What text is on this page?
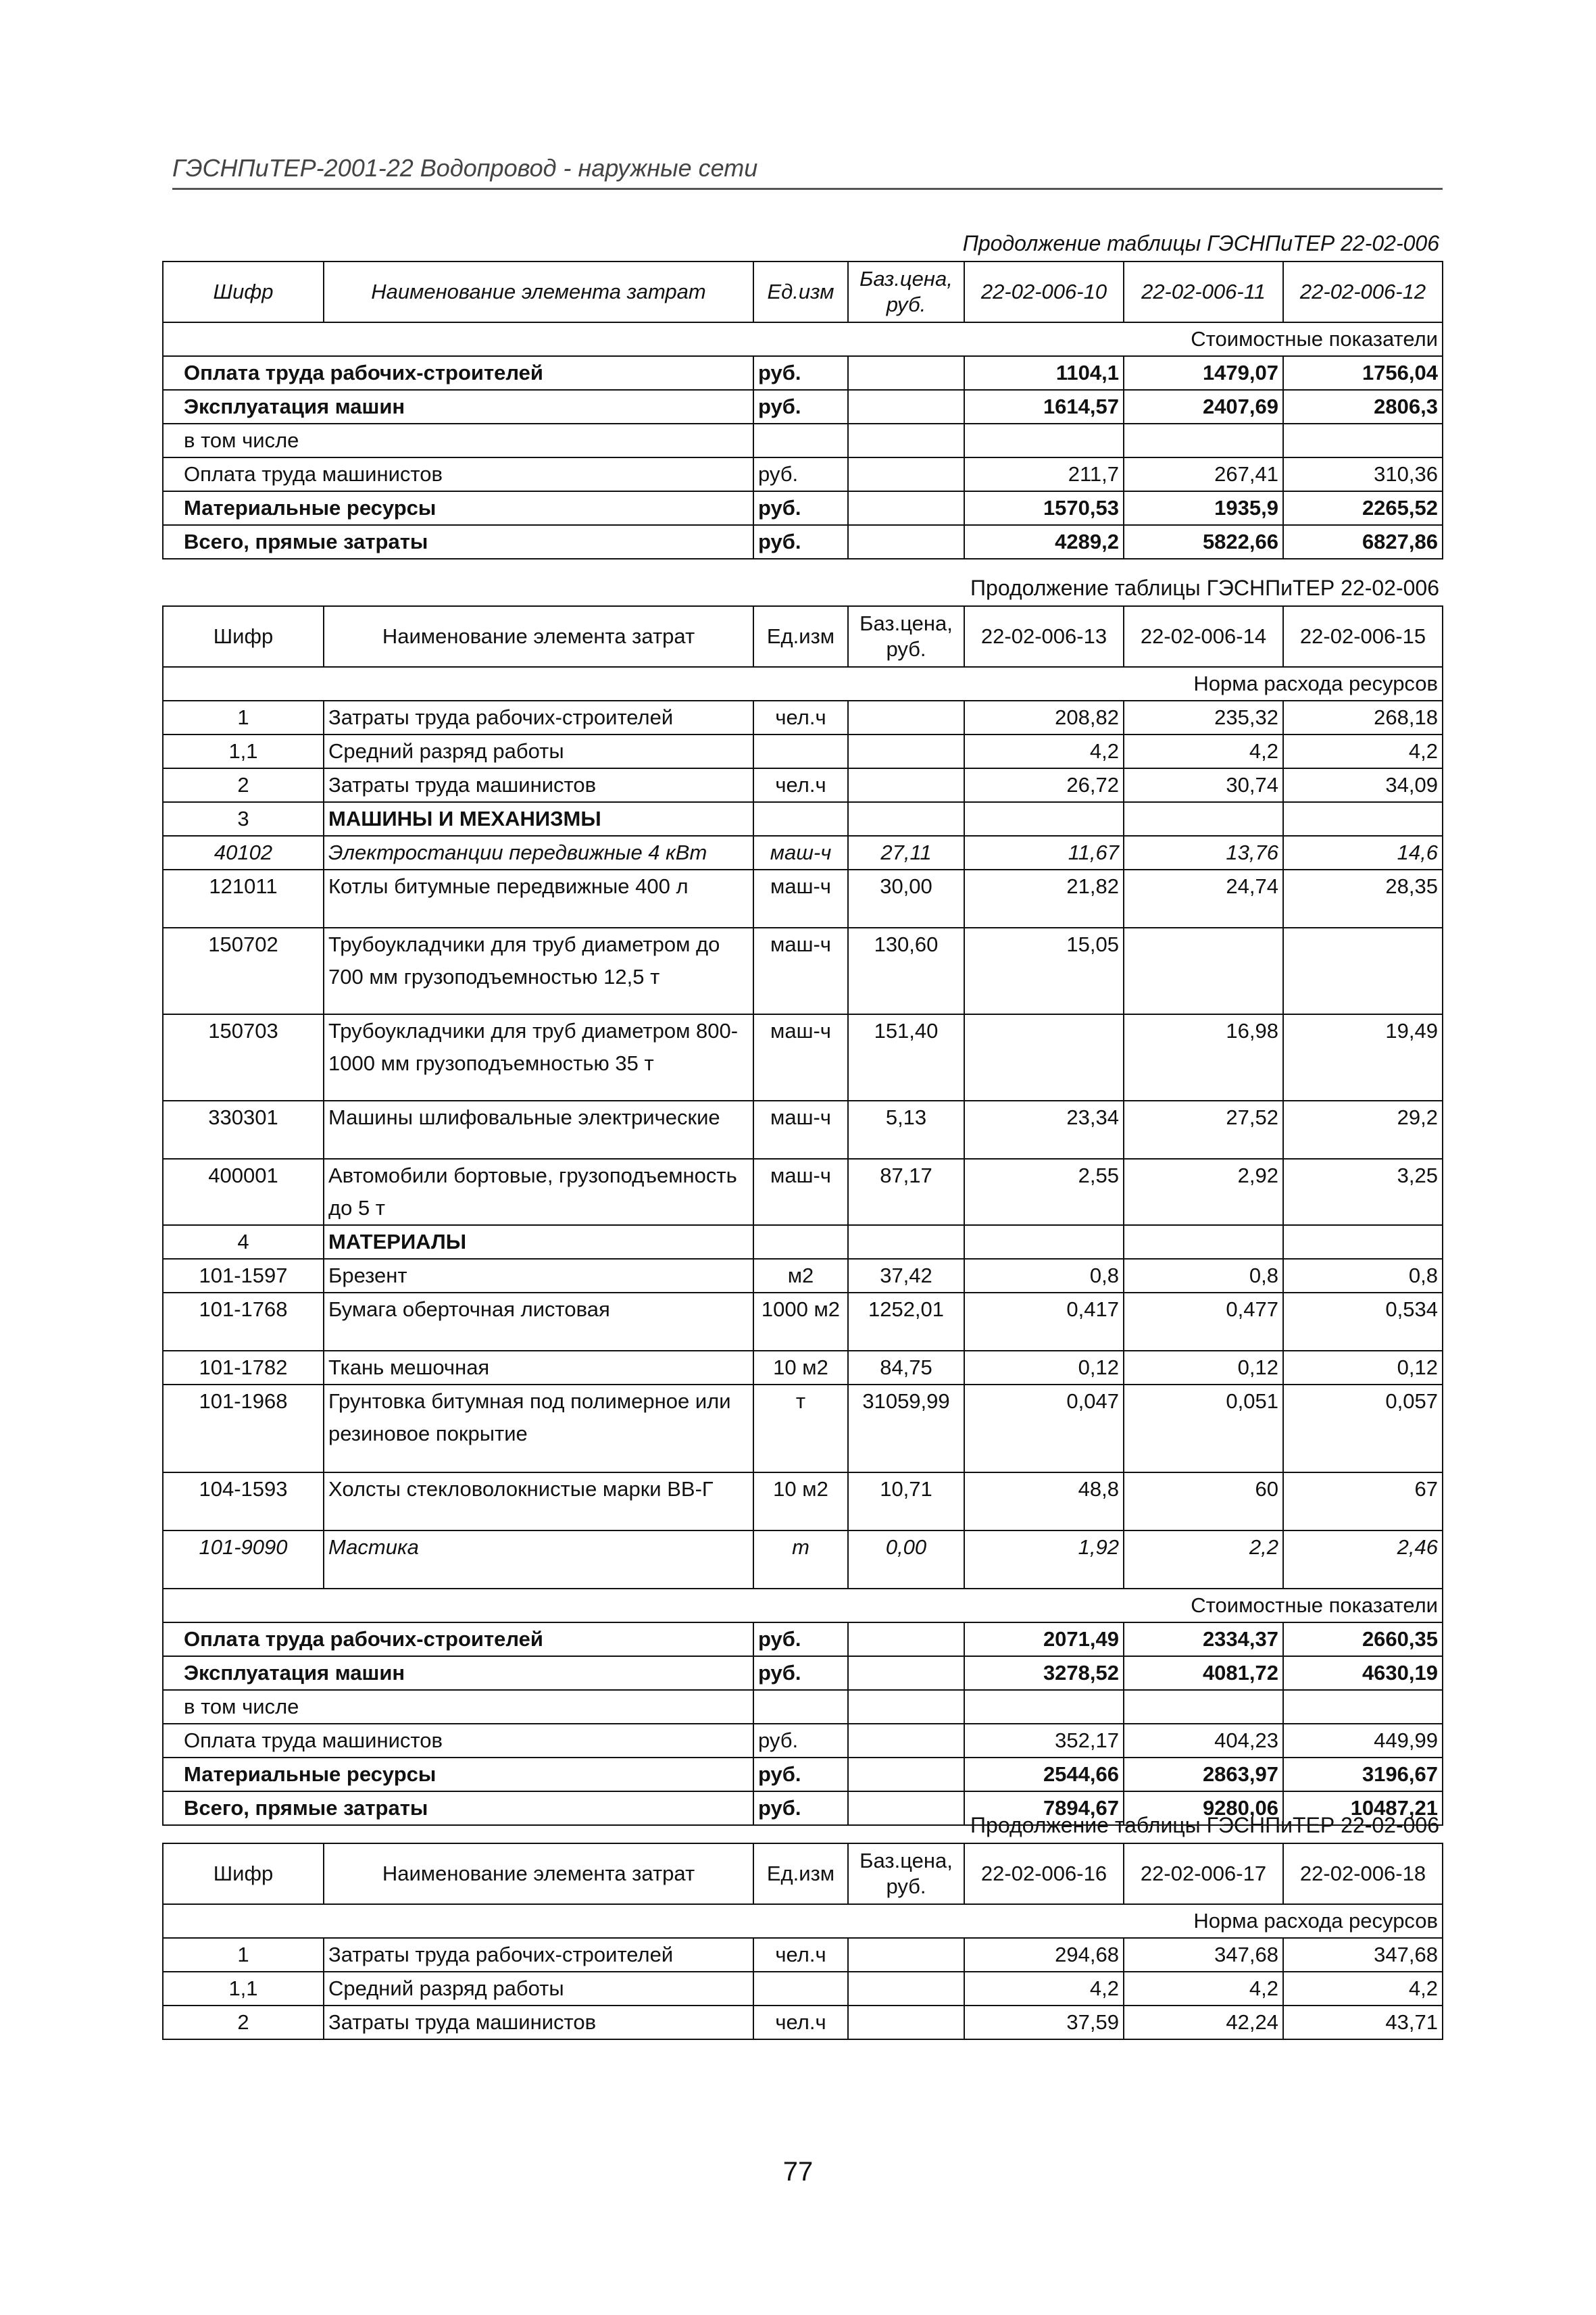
ГЭСНПиТЕР-2001-22 Водопровод - наружные сети
Продолжение таблицы ГЭСНПиТЕР 22-02-006
Шифр	Наименование элемента затрат	Ед.изм	Баз.цена, руб.	22-02-006-10	22-02-006-11	22-02-006-12
Стоимостные показатели						
Оплата труда рабочих-строителей		руб.		1104,1	1479,07	1756,04
Эксплуатация машин		руб.		1614,57	2407,69	2806,3
в том числе						
Оплата труда машинистов		руб.		211,7	267,41	310,36
Материальные ресурсы		руб.		1570,53	1935,9	2265,52
Всего, прямые затраты		руб.		4289,2	5822,66	6827,86
Продолжение таблицы ГЭСНПиТЕР 22-02-006
Шифр	Наименование элемента затрат	Ед.изм	Баз.цена, руб.	22-02-006-13	22-02-006-14	22-02-006-15
Норма расхода ресурсов						
1	Затраты труда рабочих-строителей	чел.ч		208,82	235,32	268,18
1,1	Средний разряд работы			4,2	4,2	4,2
2	Затраты труда машинистов	чел.ч		26,72	30,74	34,09
3	МАШИНЫ И МЕХАНИЗМЫ					
40102	Электростанции передвижные 4 кВт	маш-ч	27,11	11,67	13,76	14,6
121011	Котлы битумные передвижные 400 л	маш-ч	30,00	21,82	24,74	28,35
150702	Трубоукладчики для труб диаметром до 700 мм грузоподъемностью 12,5 т	маш-ч	130,60	15,05		
150703	Трубоукладчики для труб диаметром 800-1000 мм грузоподъемностью 35 т	маш-ч	151,40		16,98	19,49
330301	Машины шлифовальные электрические	маш-ч	5,13	23,34	27,52	29,2
400001	Автомобили бортовые, грузоподъемность до 5 т	маш-ч	87,17	2,55	2,92	3,25
4	МАТЕРИАЛЫ					
101-1597	Брезент	м2	37,42	0,8	0,8	0,8
101-1768	Бумага оберточная листовая	1000 м2	1252,01	0,417	0,477	0,534
101-1782	Ткань мешочная	10 м2	84,75	0,12	0,12	0,12
101-1968	Грунтовка битумная под полимерное или резиновое покрытие	т	31059,99	0,047	0,051	0,057
104-1593	Холсты стекловолокнистые марки ВВ-Г	10 м2	10,71	48,8	60	67
101-9090	Мастика	т	0,00	1,92	2,2	2,46
Стоимостные показатели						
Оплата труда рабочих-строителей		руб.		2071,49	2334,37	2660,35
Эксплуатация машин		руб.		3278,52	4081,72	4630,19
в том числе						
Оплата труда машинистов		руб.		352,17	404,23	449,99
Материальные ресурсы		руб.		2544,66	2863,97	3196,67
Всего, прямые затраты		руб.		7894,67	9280,06	10487,21
Продолжение таблицы ГЭСНПиТЕР 22-02-006
Шифр	Наименование элемента затрат	Ед.изм	Баз.цена, руб.	22-02-006-16	22-02-006-17	22-02-006-18
Норма расхода ресурсов						
1	Затраты труда рабочих-строителей	чел.ч		294,68	347,68	347,68
1,1	Средний разряд работы			4,2	4,2	4,2
2	Затраты труда машинистов	чел.ч		37,59	42,24	43,71
77
